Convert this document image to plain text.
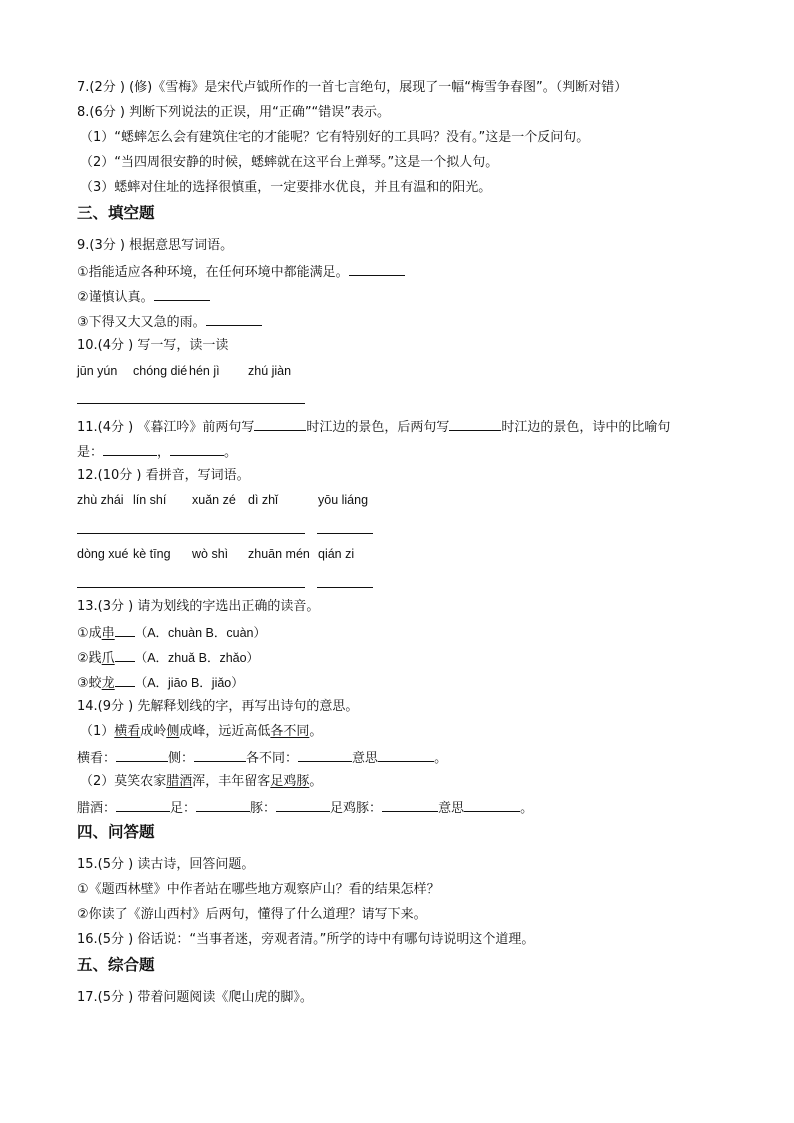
7.(2分 ) (修)《雪梅》是宋代卢钺所作的一首七言绝句，展现了一幅“梅雪争春图”。（判断对错）
8.(6分 ) 判断下列说法的正误，用“正确”“错误”表示。
（1）“蟋蟀怎么会有建筑住宅的才能呢？它有特别好的工具吗？没有。”这是一个反问句。
（2）“当四周很安静的时候，蟋蟀就在这平台上弹琴。”这是一个拟人句。
（3）蟋蟀对住址的选择很慎重，一定要排水优良，并且有温和的阳光。
三、填空题
9.(3分 ) 根据意思写词语。
①指能适应各种环境，在任何环境中都能满足。
②谨慎认真。
③下得又大又急的雨。
10.(4分 ) 写一写，读一读
jūn yún chóng dié hén jì zhú jiàn
11.(4分 ) 《暮江吟》前两句写	时江边的景色，后两句写	时江边的景色，诗中的比喻句
是：	，	。
12.(10分 ) 看拼音，写词语。
zhù zhái lín shí xuǎn zé dì zhǐ	yōu liáng
dòng xué kè tīng wò shì zhuān mén qián zi
13.(3分 ) 请为划线的字选出正确的读音。
①成串 （A．chuàn B．cuàn）
②践爪 （A．zhuǎ B．zhǎo）
③蛟龙 （A．jiāo B．jiǎo）
14.(9分 ) 先解释划线的字，再写出诗句的意思。
（1）横看成岭侧成峰，远近高低各不同。
横看：	侧：	各不同：	意思	。
（2）莫笑农家腊酒浑，丰年留客足鸡豚。
腊酒：	足：	豚：	足鸡豚：	意思	。
四、问答题
15.(5分 ) 读古诗，回答问题。
①《题西林壁》中作者站在哪些地方观察庐山？看的结果怎样？
②你读了《游山西村》后两句，懂得了什么道理？请写下来。
16.(5分 ) 俗话说：“当事者迷，旁观者清。”所学的诗中有哪句诗说明这个道理。
五、综合题
17.(5分 ) 带着问题阅读《爬山虎的脚》。
